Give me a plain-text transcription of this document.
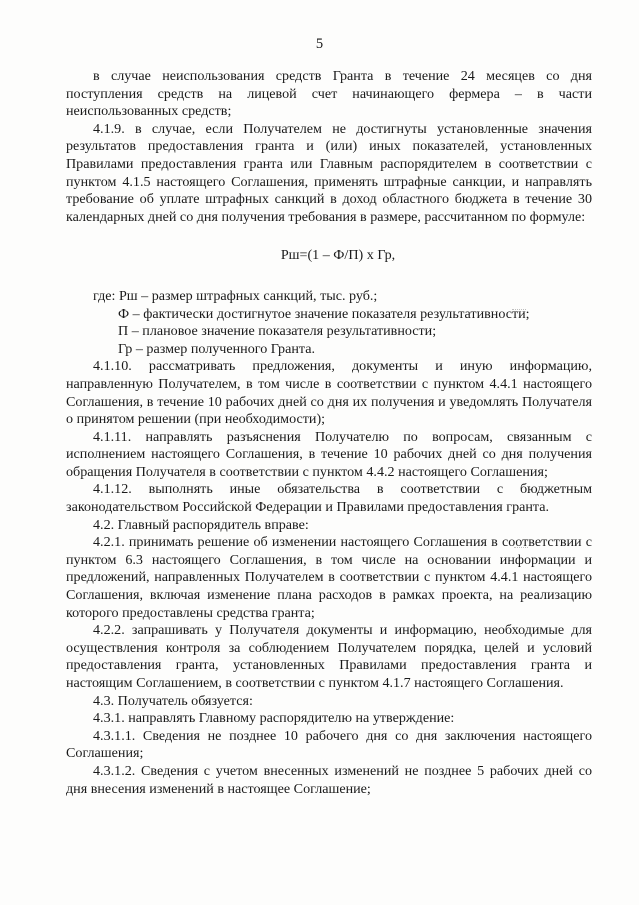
5

в случае неиспользования средств Гранта в течение 24 месяцев со дня поступления средств на лицевой счет начинающего фермера – в части неиспользованных средств;

4.1.9. в случае, если Получателем не достигнуты установленные значения результатов предоставления гранта и (или) иных показателей, установленных Правилами предоставления гранта или Главным распорядителем в соответствии с пунктом 4.1.5 настоящего Соглашения, применять штрафные санкции, и направлять требование об уплате штрафных санкций в доход областного бюджета в течение 30 календарных дней со дня получения требования в размере, рассчитанном по формуле:

Рш=(1 – Ф/П) х Гр,

где: Рш – размер штрафных санкций, тыс. руб.;

Ф – фактически достигнутое значение показателя результативности;

П – плановое значение показателя результативности;

Гр – размер полученного Гранта.

4.1.10. рассматривать предложения, документы и иную информацию, направленную Получателем, в том числе в соответствии с пунктом 4.4.1 настоящего Соглашения, в течение 10 рабочих дней со дня их получения и уведомлять Получателя о принятом решении (при необходимости);

4.1.11. направлять разъяснения Получателю по вопросам, связанным с исполнением настоящего Соглашения, в течение 10 рабочих дней со дня получения обращения Получателя в соответствии с пунктом 4.4.2 настоящего Соглашения;

4.1.12. выполнять иные обязательства в соответствии с бюджетным законодательством Российской Федерации и Правилами предоставления гранта.

4.2. Главный распорядитель вправе:

4.2.1. принимать решение об изменении настоящего Соглашения в соответствии с пунктом 6.3 настоящего Соглашения, в том числе на основании информации и предложений, направленных Получателем в соответствии с пунктом 4.4.1 настоящего Соглашения, включая изменение плана расходов в рамках проекта, на реализацию которого предоставлены средства гранта;

4.2.2. запрашивать у Получателя документы и информацию, необходимые для осуществления контроля за соблюдением Получателем порядка, целей и условий предоставления гранта, установленных Правилами предоставления гранта и настоящим Соглашением, в соответствии с пунктом 4.1.7 настоящего Соглашения.

4.3. Получатель обязуется:

4.3.1. направлять Главному распорядителю на утверждение:

4.3.1.1. Сведения не позднее 10 рабочего дня со дня заключения настоящего Соглашения;

4.3.1.2. Сведения с учетом внесенных изменений не позднее 5 рабочих дней со дня внесения изменений в настоящее Соглашение;
